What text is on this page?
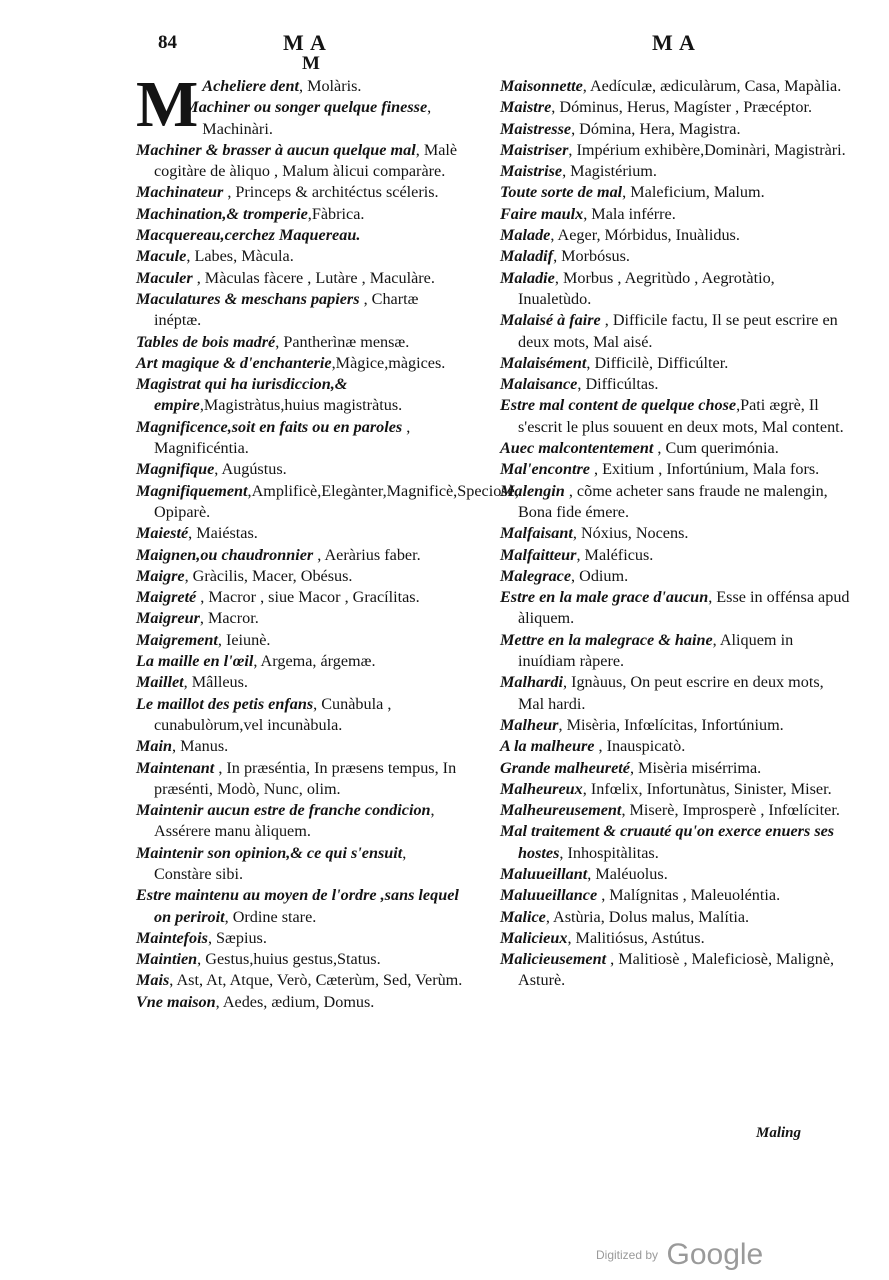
84	M A	M A
M

M Acheliere dent, Molàris.

Machiner ou songer quelque finesse, Machinàri.

Machiner & brasser à aucun quelque mal, Malè cogitàre de àliquo , Malum àlicui comparàre.

Machinateur , Princeps & architéctus scéleris.

Machination,& tromperie,Fàbrica.

Macquereau,cerchez Maquereau.

Macule, Labes, Màcula.

Maculer , Màculas fàcere , Lutàre , Maculàre.

Maculatures & meschans papiers , Chartæ inéptæ.

Tables de bois madré, Pantherìnæ mensæ.

Art magique & d'enchanterie,Màgice,màgices.

Magistrat qui ha iurisdiccion,& empire,Magistràtus,huius magistràtus.

Magnificence,soit en faits ou en paroles , Magnificéntia.

Magnifique, Augústus.

Magnifiquement,Amplificè,Elegànter,Magnificè,Speciosè, Opiparè.

Maiesté, Maiéstas.

Maignen,ou chaudronnier , Aeràrius faber.

Maigre, Gràcilis, Macer, Obésus.

Maigreté , Macror , siue Macor , Gracílitas.

Maigreur, Macror.

Maigrement, Ieiunè.

La maille en l'œil, Argema, árgemæ.

Maillet, Mâlleus.

Le maillot des petis enfans, Cunàbula , cunabulòrum,vel incunàbula.

Main, Manus.

Maintenant , In præséntia, In præsens tempus, In præsénti, Modò, Nunc, olim.

Maintenir aucun estre de franche condicion, Assérere manu àliquem.

Maintenir son opinion,& ce qui s'ensuit, Constàre sibi.

Estre maintenu au moyen de l'ordre ,sans lequel on periroit, Ordine stare.

Maintefois, Sæpius.

Maintien, Gestus,huius gestus,Status.

Mais, Ast, At, Atque, Verò, Cæterùm, Sed, Verùm.

Vne maison, Aedes, ædium, Domus.

Maisonnette, Aedículæ, ædiculàrum, Casa, Mapàlia.

Maistre, Dóminus, Herus, Magíster , Præcéptor.

Maistresse, Dómina, Hera, Magistra.

Maistriser, Impérium exhibère,Dominàri, Magistràri.

Maistrise, Magistérium.

Toute sorte de mal, Maleficium, Malum.

Faire maulx, Mala inférre.

Malade, Aeger, Mórbidus, Inuàlidus.

Maladif, Morbósus.

Maladie, Morbus , Aegritùdo , Aegrotàtio, Inualetùdo.

Malaisé à faire , Difficile factu, Il se peut escrire en deux mots, Mal aisé.

Malaisément, Difficilè, Difficúlter.

Malaisance, Difficúltas.

Estre mal content de quelque chose,Pati ægrè, Il s'escrit le plus souuent en deux mots, Mal content.

Auec malcontentement , Cum querimónia.

Mal'encontre , Exitium , Infortúnium, Mala fors.

Malengin , cõme acheter sans fraude ne malengin, Bona fide émere.

Malfaisant, Nóxius, Nocens.

Malfaitteur, Maléficus.

Malegrace, Odium.

Estre en la male grace d'aucun, Esse in offénsa apud àliquem.

Mettre en la malegrace & haine, Aliquem in inuídiam ràpere.

Malhardi, Ignàuus, On peut escrire en deux mots, Mal hardi.

Malheur, Misèria, Infœlícitas, Infortúnium.

A la malheure , Inauspicatò.

Grande malheureté, Misèria misérrima.

Malheureux, Infœlix, Infortunàtus, Sinister, Miser.

Malheureusement, Miserè, Improsperè , Infœlíciter.

Mal traitement & cruauté qu'on exerce enuers ses hostes, Inhospitàlitas.

Maluueillant, Maléuolus.

Maluueillance , Malígnitas , Maleuoléntia.

Malice, Astùria, Dolus malus, Malítia.

Malicieux, Malitiósus, Astútus.

Malicieusement , Malitiosè , Maleficiosè, Malignè, Asturè.

Maling
Digitized by Google
